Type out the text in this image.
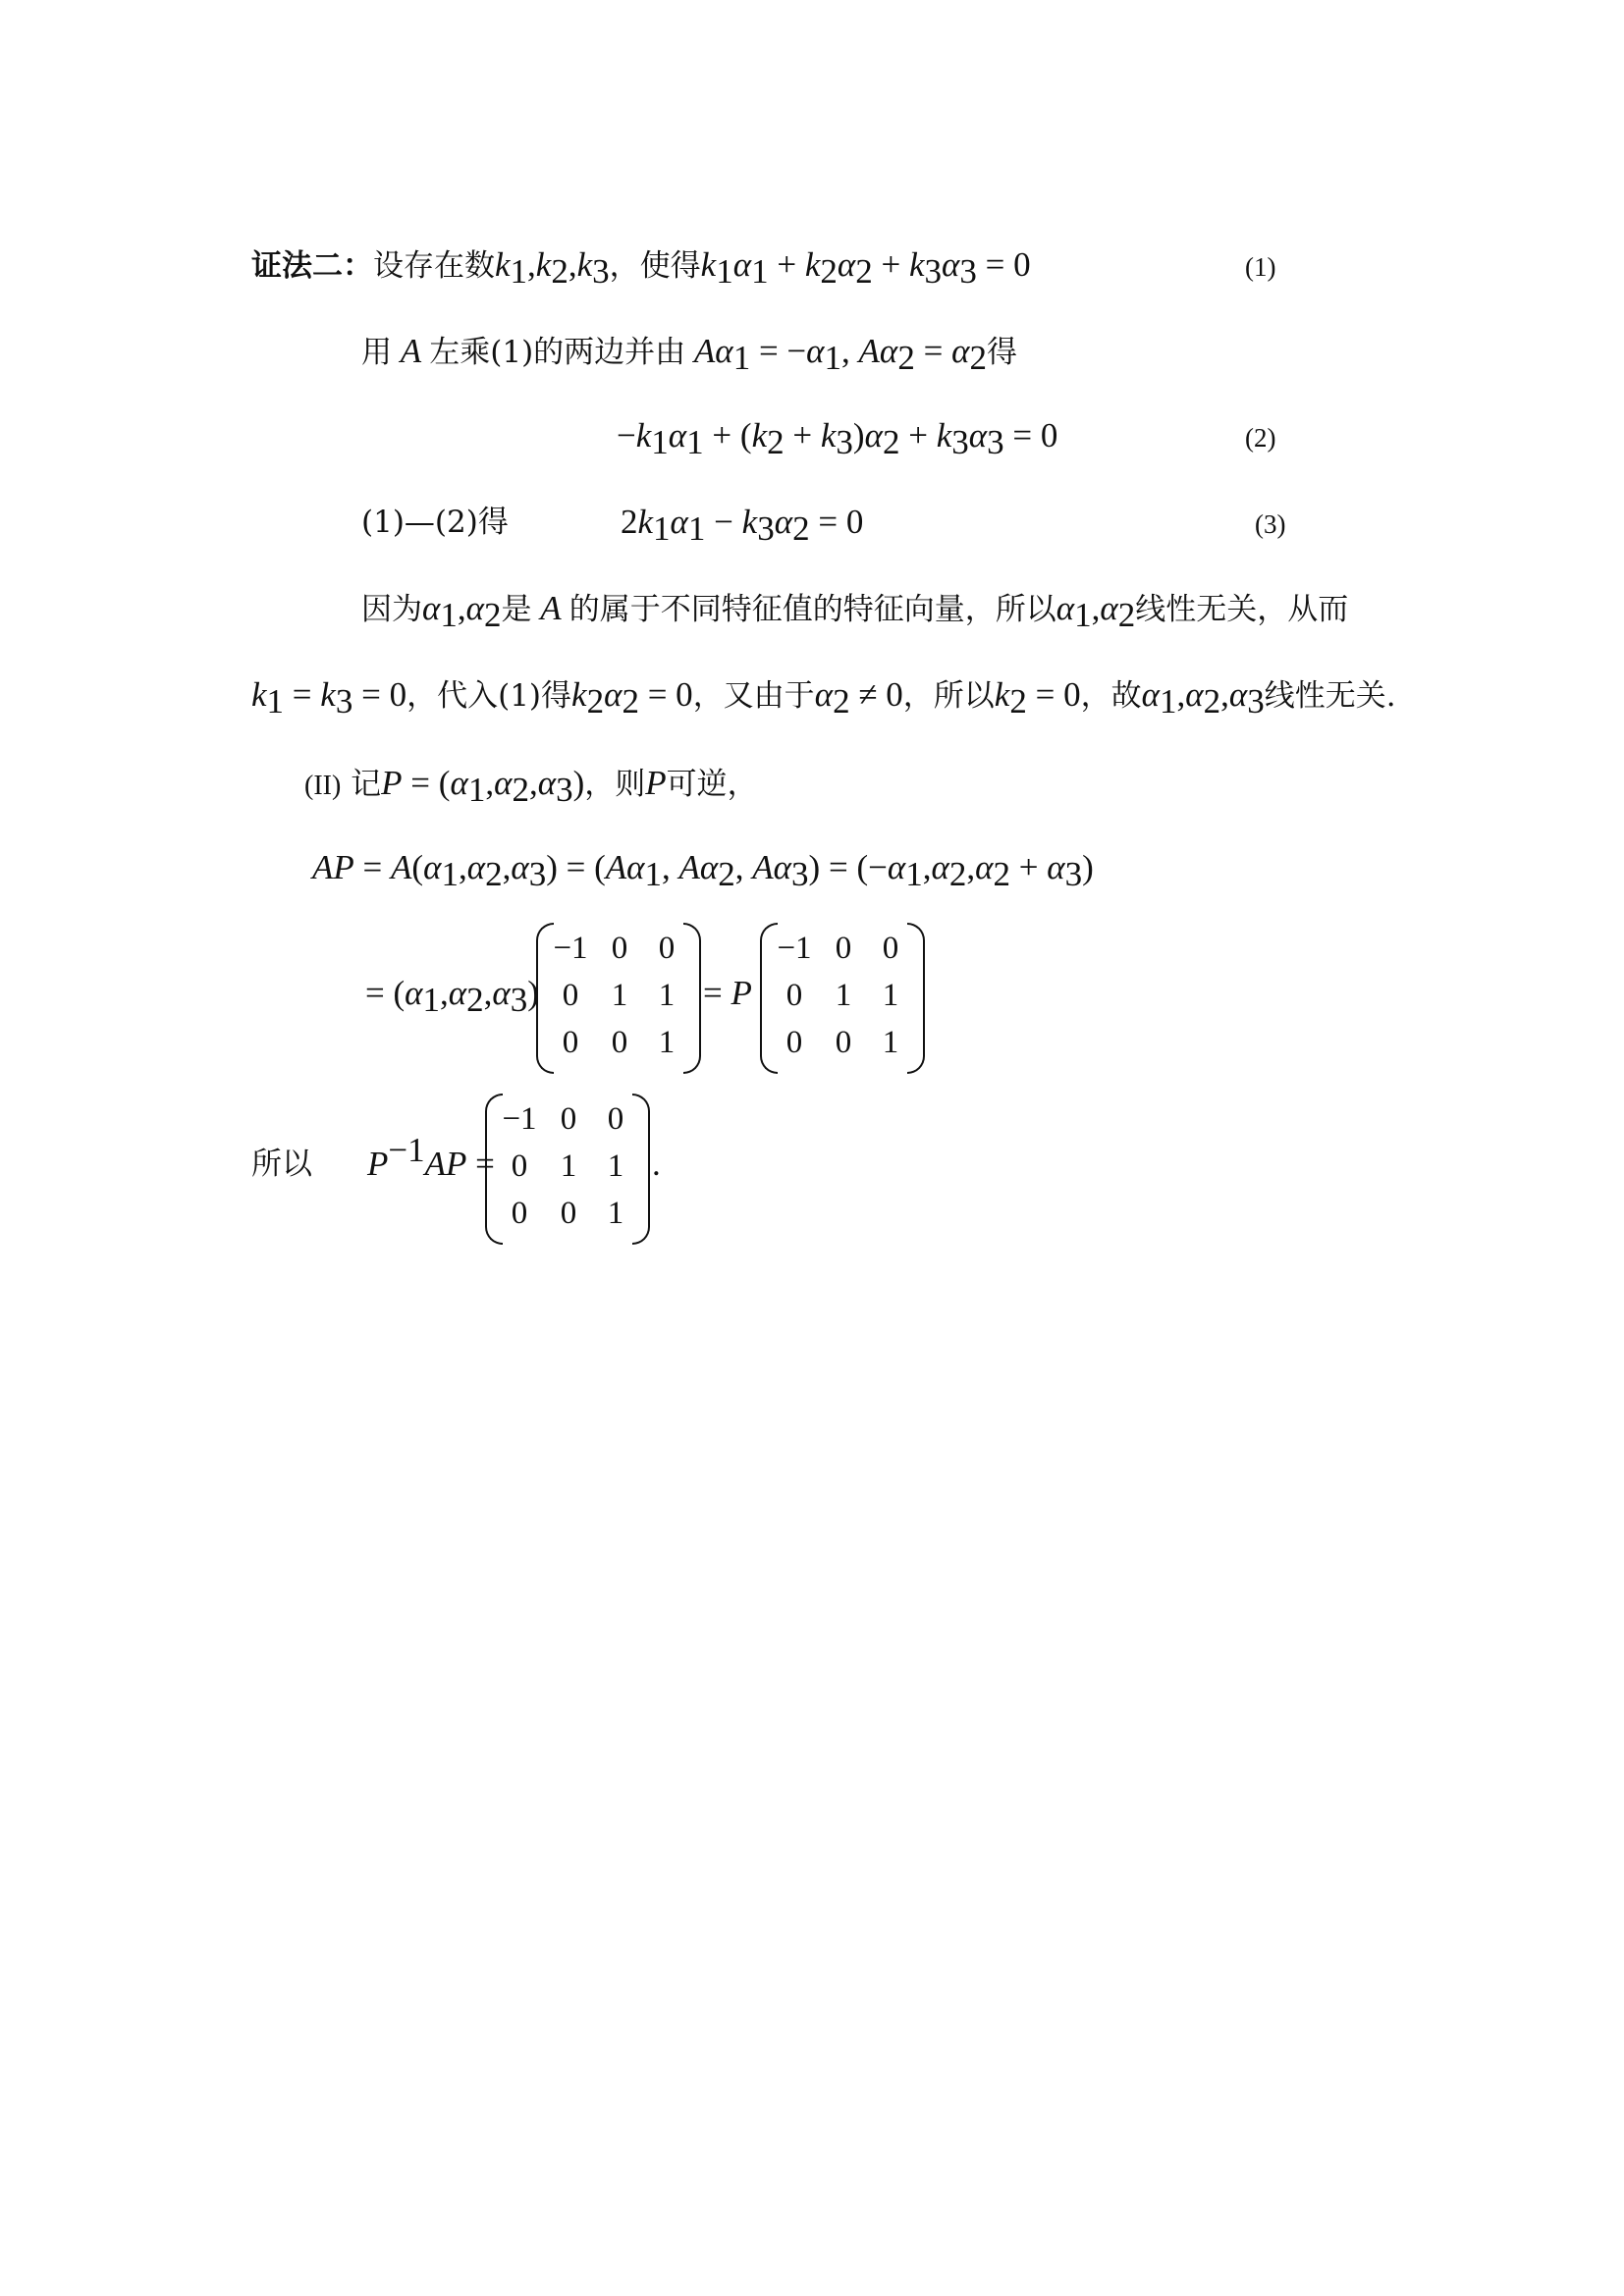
证法二：设存在数$k_1,k_2,k_3$，使得$k_1\alpha_1 + k_2\alpha_2 + k_3\alpha_3 = 0$	(1)
用 A 左乘(1)的两边并由 $A\alpha_1 = -\alpha_1$, $A\alpha_2 = \alpha_2$得
$-k_1\alpha_1 + (k_2 + k_3)\alpha_2 + k_3\alpha_3 = 0$	(2)
(1)—(2)得	$2k_1\alpha_1 - k_3\alpha_2 = 0$	(3)
因为$\alpha_1,\alpha_2$是 A 的属于不同特征值的特征向量，所以$\alpha_1,\alpha_2$线性无关，从而
$k_1 = k_3 = 0$，代入(1)得$k_2\alpha_2 = 0$，又由于$\alpha_2 \ne 0$，所以$k_2 = 0$，故$\alpha_1,\alpha_2,\alpha_3$线性无关.
(II) 记$P = (\alpha_1,\alpha_2,\alpha_3)$，则P可逆，
AP = $A(\alpha_1,\alpha_2,\alpha_3) = (A\alpha_1$, $A\alpha_2$, $A\alpha_3) = (-\alpha_1,\alpha_2,\alpha_2 + \alpha_3)$
= $(\alpha_1,\alpha_2,\alpha_3)$
−1 0 0
0	1 1
0	0 1
= P
−1 0 0
0	1 1
0	0 1
所以 $P^{-1}AP$ =
−1 0 0
0	1 1
0	0 1
.
